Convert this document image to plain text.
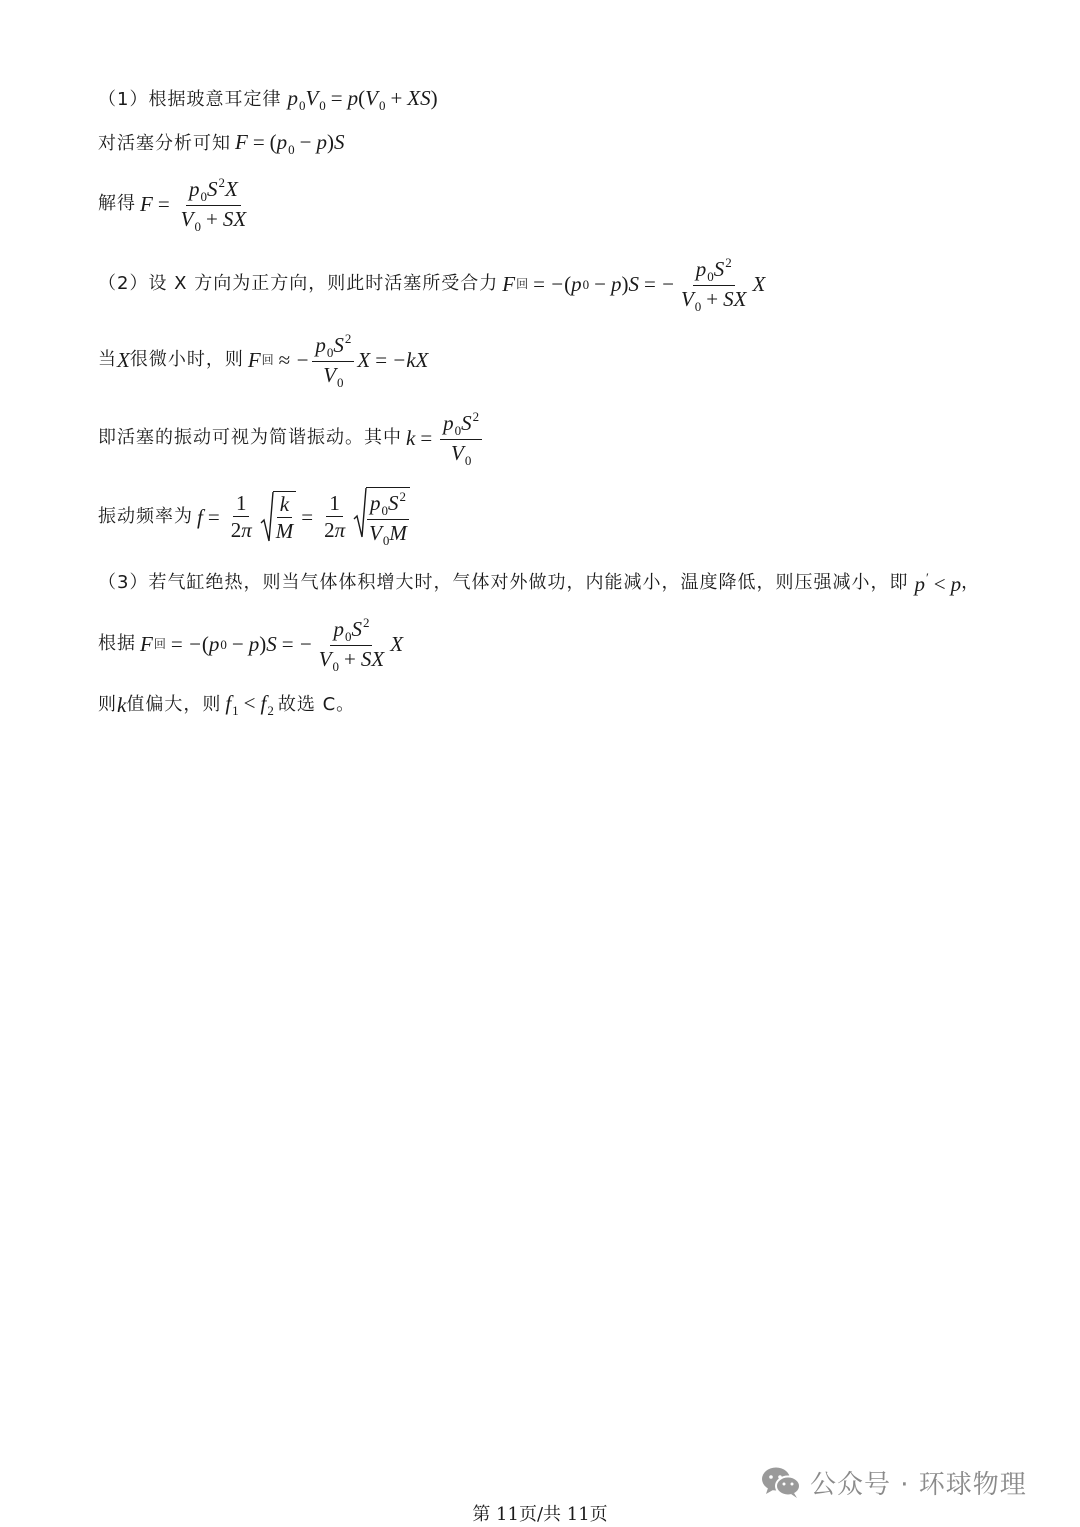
（1）根据玻意耳定律 $p_0V_0 = p(V_0 + XS)$
对活塞分析可知 $F = (p_0 - p)S$
解得 $F = \frac{p_0S^2X}{V_0 + SX}$
（2）设 X 方向为正方向，则此时活塞所受合力 F 回 = − ( p 0 − p ) S = − $\frac{p_0S^2}{V_0 + SX}$ X
当 X 很微小时，则 F 回 ≈ − $\frac{p_0S^2}{V_0}$ X = −kX
即活塞的振动可视为简谐振动。其中 $k = \frac{p_0S^2}{V_0}$
振动频率为 $f = \frac{1}{2\pi} \frac{k}{M} = \frac{1}{2\pi} \frac{p_0S^2}{V_0M}$
（3）若气缸绝热，则当气体体积增大时，气体对外做功，内能减小，温度降低，则压强减小，即 p′ < p ，
根据 F 回 = − ( p 0 − p ) S = − $\frac{p_0S^2}{V_0 + SX}$ X
则 k 值偏大，则 $f_1 < f_2$ 故选 C。
公众号 · 环球物理
第 11页/共 11页
